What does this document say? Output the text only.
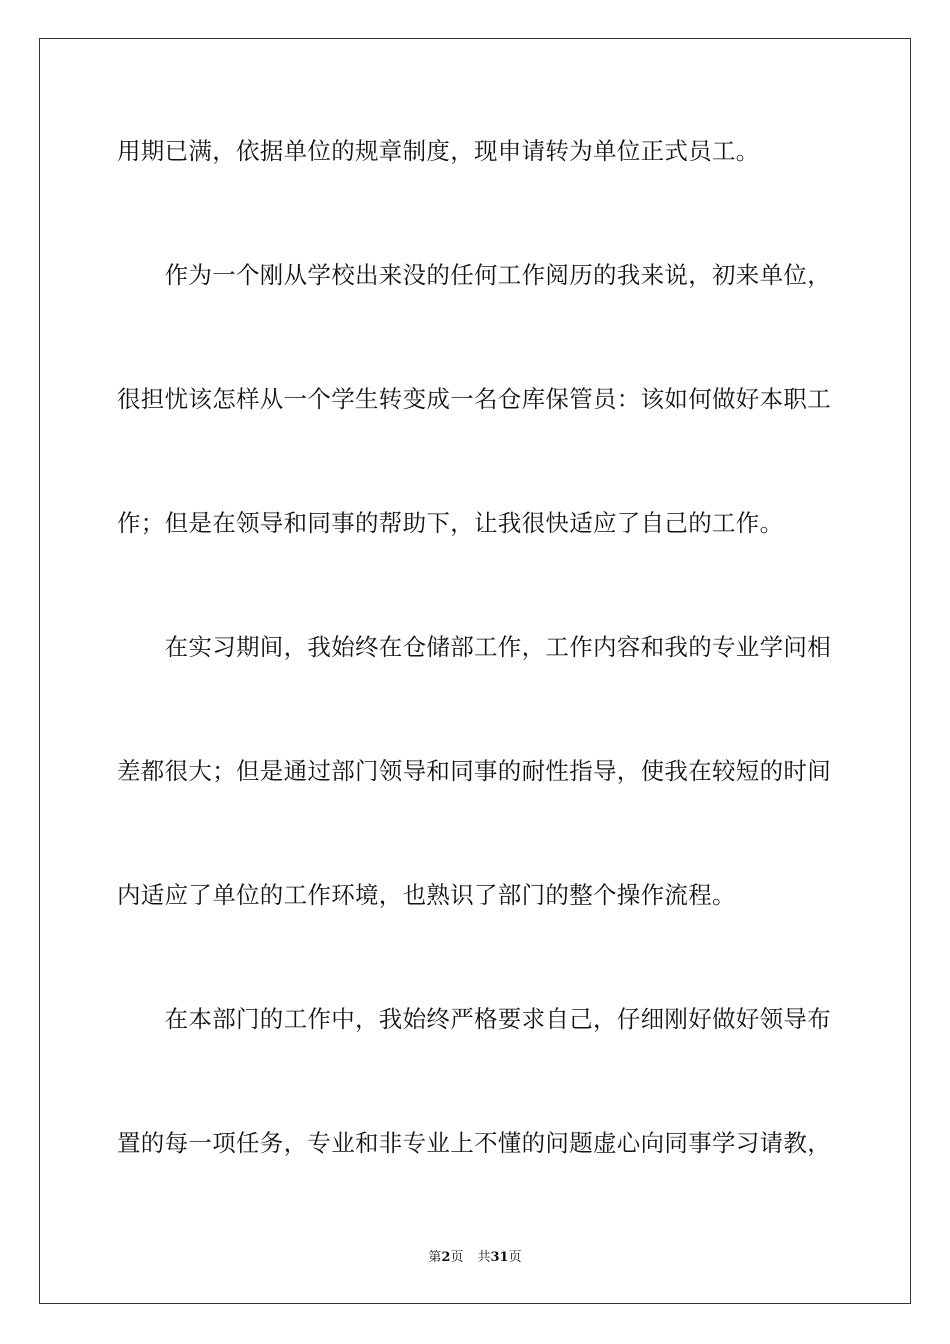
用期已满，依据单位的规章制度，现申请转为单位正式员工。
　　作为一个刚从学校出来没的任何工作阅历的我来说，初来单位，
很担忧该怎样从一个学生转变成一名仓库保管员：该如何做好本职工
作；但是在领导和同事的帮助下，让我很快适应了自己的工作。
　　在实习期间，我始终在仓储部工作，工作内容和我的专业学问相
差都很大；但是通过部门领导和同事的耐性指导，使我在较短的时间
内适应了单位的工作环境，也熟识了部门的整个操作流程。
　　在本部门的工作中，我始终严格要求自己，仔细刚好做好领导布
置的每一项任务，专业和非专业上不懂的问题虚心向同事学习请教，
第2页 共31页
